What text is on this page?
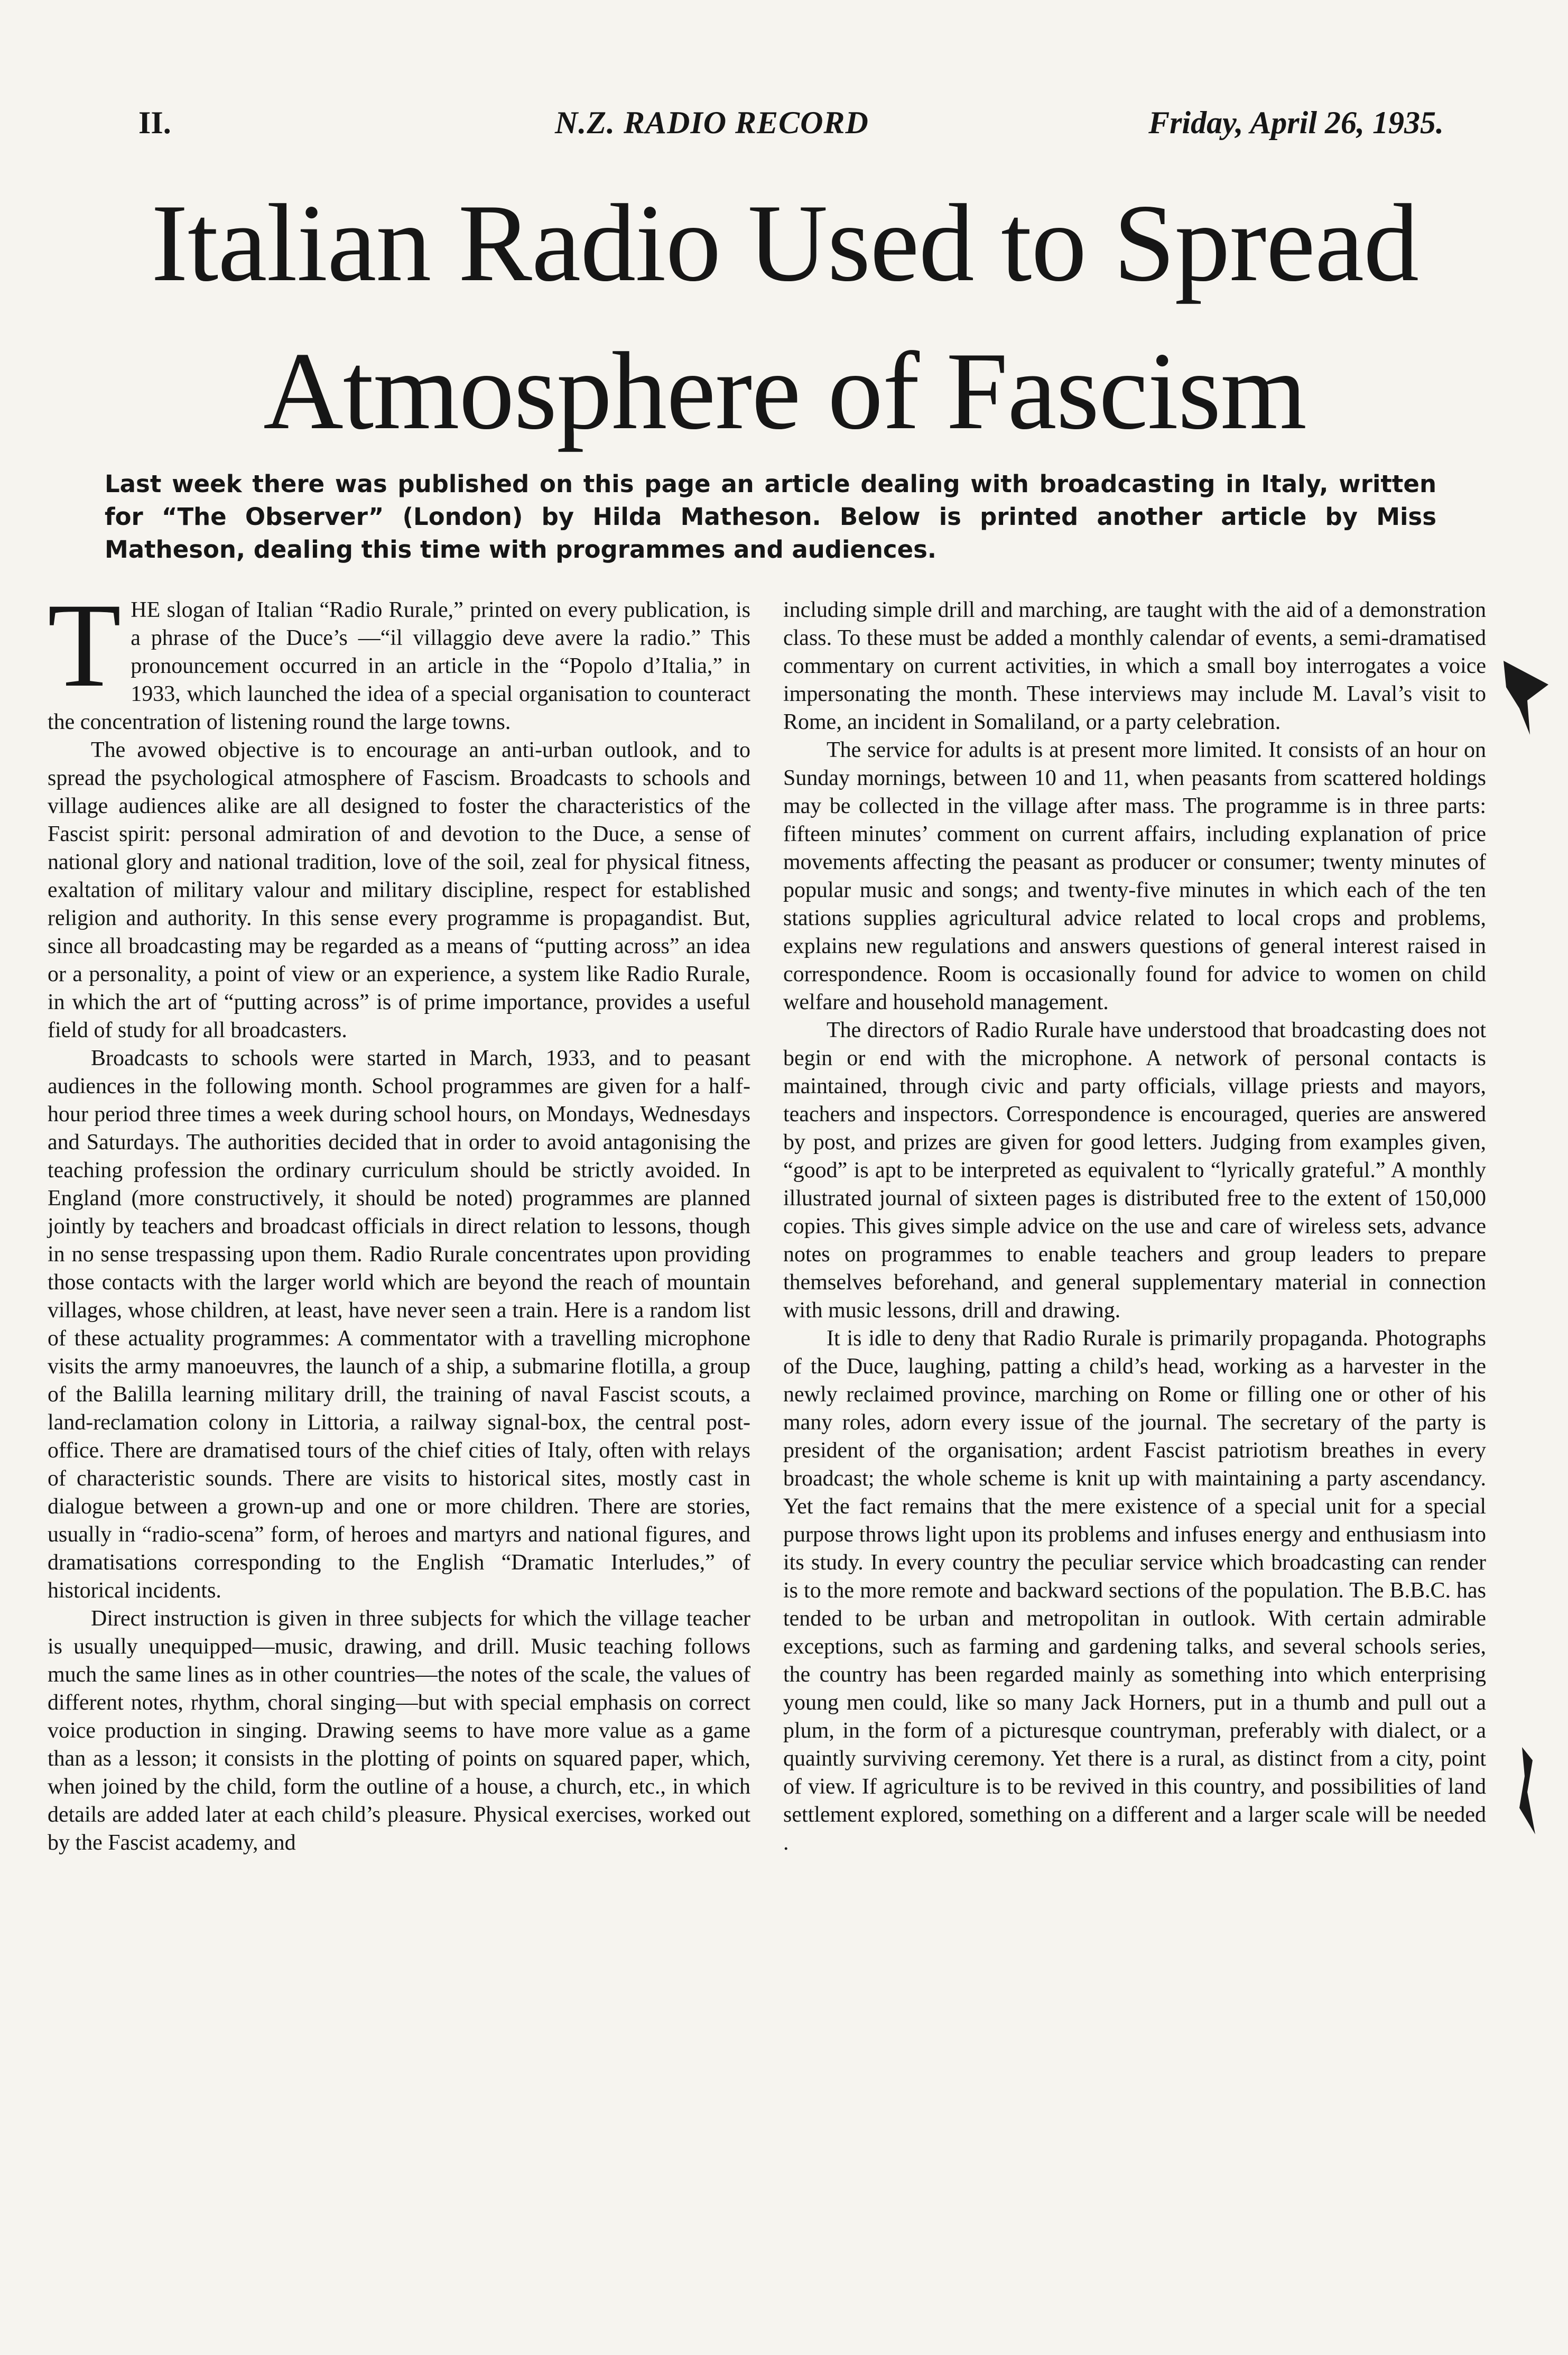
II.	N.Z. RADIO RECORD	Friday, April 26, 1935.
Italian Radio Used to Spread
Atmosphere of Fascism

Last week there was published on this page an article dealing with broadcasting in Italy, written for “The Observer” (London) by Hilda Matheson. Below is printed another article by Miss Matheson, dealing this time with programmes and audiences.

THE slogan of Italian “Radio Rurale,” printed on every publication, is a phrase of the Duce’s —“il villaggio deve avere la radio.” This pronouncement occurred in an article in the “Popolo d’Italia,” in 1933, which launched the idea of a special organisation to counteract the concentration of listening round the large towns.

The avowed objective is to encourage an anti-urban outlook, and to spread the psychological atmosphere of Fascism. Broadcasts to schools and village audiences alike are all designed to foster the characteristics of the Fascist spirit: personal admiration of and devotion to the Duce, a sense of national glory and national tradition, love of the soil, zeal for physical fitness, exaltation of military valour and military discipline, respect for established religion and authority. In this sense every programme is propagandist. But, since all broadcasting may be regarded as a means of “putting across” an idea or a personality, a point of view or an experience, a system like Radio Rurale, in which the art of “putting across” is of prime importance, provides a useful field of study for all broadcasters.

Broadcasts to schools were started in March, 1933, and to peasant audiences in the following month. School programmes are given for a half-hour period three times a week during school hours, on Mondays, Wednesdays and Saturdays. The authorities decided that in order to avoid antagonising the teaching profession the ordinary curriculum should be strictly avoided. In England (more constructively, it should be noted) programmes are planned jointly by teachers and broadcast officials in direct relation to lessons, though in no sense trespassing upon them. Radio Rurale concentrates upon providing those contacts with the larger world which are beyond the reach of mountain villages, whose children, at least, have never seen a train. Here is a random list of these actuality programmes: A commentator with a travelling microphone visits the army manoeuvres, the launch of a ship, a submarine flotilla, a group of the Balilla learning military drill, the training of naval Fascist scouts, a land-reclamation colony in Littoria, a railway signal-box, the central post-office. There are dramatised tours of the chief cities of Italy, often with relays of characteristic sounds. There are visits to historical sites, mostly cast in dialogue between a grown-up and one or more children. There are stories, usually in “radio-scena” form, of heroes and martyrs and national figures, and dramatisations corresponding to the English “Dramatic Interludes,” of historical incidents.

Direct instruction is given in three subjects for which the village teacher is usually unequipped—music, drawing, and drill. Music teaching follows much the same lines as in other countries—the notes of the scale, the values of different notes, rhythm, choral singing—but with special emphasis on correct voice production in singing. Drawing seems to have more value as a game than as a lesson; it consists in the plotting of points on squared paper, which, when joined by the child, form the outline of a house, a church, etc., in which details are added later at each child’s pleasure. Physical exercises, worked out by the Fascist academy, and

including simple drill and marching, are taught with the aid of a demonstration class. To these must be added a monthly calendar of events, a semi-dramatised commentary on current activities, in which a small boy interrogates a voice impersonating the month. These interviews may include M. Laval’s visit to Rome, an incident in Somaliland, or a party celebration.

The service for adults is at present more limited. It consists of an hour on Sunday mornings, between 10 and 11, when peasants from scattered holdings may be collected in the village after mass. The programme is in three parts: fifteen minutes’ comment on current affairs, including explanation of price movements affecting the peasant as producer or consumer; twenty minutes of popular music and songs; and twenty-five minutes in which each of the ten stations supplies agricultural advice related to local crops and problems, explains new regulations and answers questions of general interest raised in correspondence. Room is occasionally found for advice to women on child welfare and household management.

The directors of Radio Rurale have understood that broadcasting does not begin or end with the microphone. A network of personal contacts is maintained, through civic and party officials, village priests and mayors, teachers and inspectors. Correspondence is encouraged, queries are answered by post, and prizes are given for good letters. Judging from examples given, “good” is apt to be interpreted as equivalent to “lyrically grateful.” A monthly illustrated journal of sixteen pages is distributed free to the extent of 150,000 copies. This gives simple advice on the use and care of wireless sets, advance notes on programmes to enable teachers and group leaders to prepare themselves beforehand, and general supplementary material in connection with music lessons, drill and drawing.

It is idle to deny that Radio Rurale is primarily propaganda. Photographs of the Duce, laughing, patting a child’s head, working as a harvester in the newly reclaimed province, marching on Rome or filling one or other of his many roles, adorn every issue of the journal. The secretary of the party is president of the organisation; ardent Fascist patriotism breathes in every broadcast; the whole scheme is knit up with maintaining a party ascendancy. Yet the fact remains that the mere existence of a special unit for a special purpose throws light upon its problems and infuses energy and enthusiasm into its study. In every country the peculiar service which broadcasting can render is to the more remote and backward sections of the population. The B.B.C. has tended to be urban and metropolitan in outlook. With certain admirable exceptions, such as farming and gardening talks, and several schools series, the country has been regarded mainly as something into which enterprising young men could, like so many Jack Horners, put in a thumb and pull out a plum, in the form of a picturesque countryman, preferably with dialect, or a quaintly surviving ceremony. Yet there is a rural, as distinct from a city, point of view. If agriculture is to be revived in this country, and possibilities of land settlement explored, something on a different and a larger scale will be needed .
